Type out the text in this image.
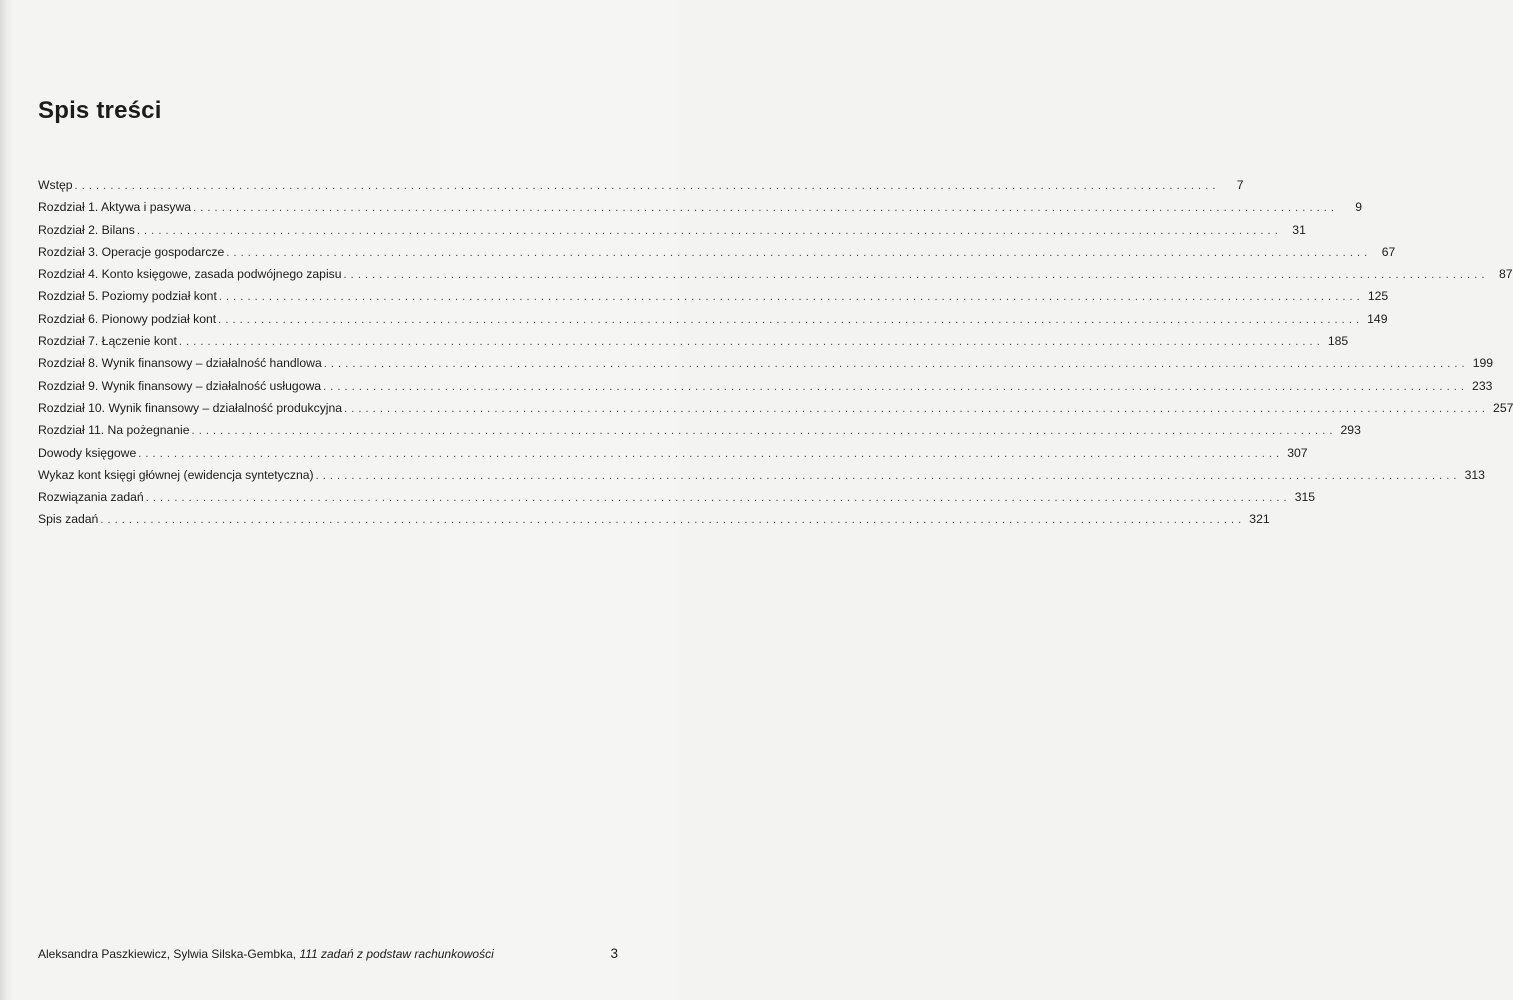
Spis treści
Wstęp ................................................................................................................................................................	7
Rozdział 1. Aktywa i pasywa ................................................................................................................................................................	9
Rozdział 2. Bilans ................................................................................................................................................................ 31
Rozdział 3. Operacje gospodarcze ................................................................................................................................................................ 67
Rozdział 4. Konto księgowe, zasada podwójnego zapisu ................................................................................................................................................................ 87
Rozdział 5. Poziomy podział kont ................................................................................................................................................................ 125
Rozdział 6. Pionowy podział kont ................................................................................................................................................................ 149
Rozdział 7. Łączenie kont ................................................................................................................................................................ 185
Rozdział 8. Wynik finansowy – działalność handlowa ................................................................................................................................................................ 199
Rozdział 9. Wynik finansowy – działalność usługowa ................................................................................................................................................................ 233
Rozdział 10. Wynik finansowy – działalność produkcyjna ................................................................................................................................................................ 257
Rozdział 11. Na pożegnanie ................................................................................................................................................................ 293
Dowody księgowe ................................................................................................................................................................ 307
Wykaz kont księgi głównej (ewidencja syntetyczna) ................................................................................................................................................................ 313
Rozwiązania zadań ................................................................................................................................................................ 315
Spis zadań ................................................................................................................................................................ 321
Aleksandra Paszkiewicz, Sylwia Silska-Gembka, 111 zadań z podstaw rachunkowości	3
